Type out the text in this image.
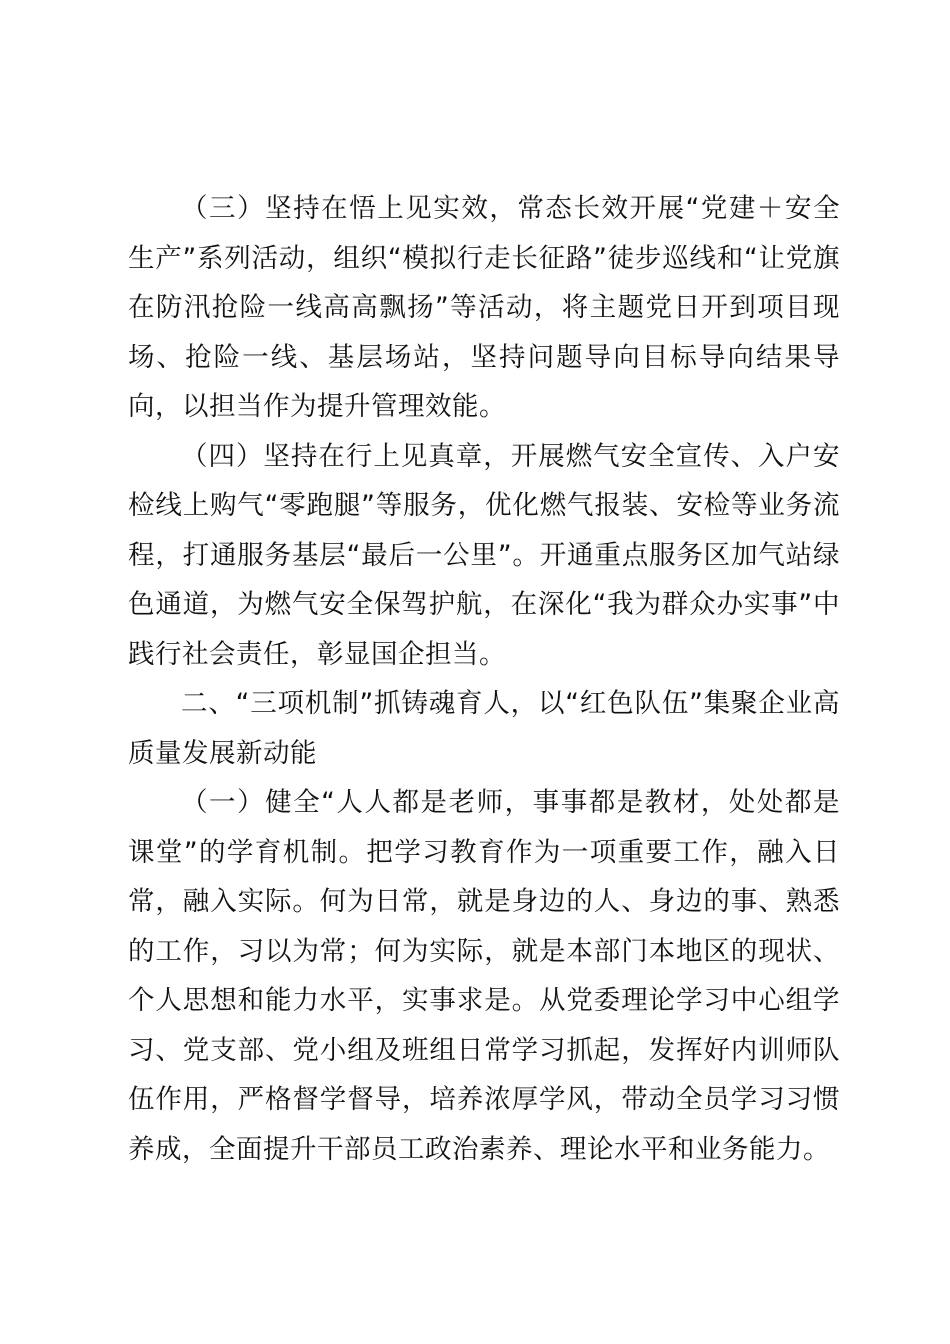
（三）坚持在悟上见实效，常态长效开展“党建＋安全生产”系列活动，组织“模拟行走长征路”徒步巡线和“让党旗在防汛抢险一线高高飘扬”等活动，将主题党日开到项目现场、抢险一线、基层场站，坚持问题导向目标导向结果导向，以担当作为提升管理效能。

（四）坚持在行上见真章，开展燃气安全宣传、入户安检线上购气“零跑腿”等服务，优化燃气报装、安检等业务流程，打通服务基层“最后一公里”。开通重点服务区加气站绿色通道，为燃气安全保驾护航，在深化“我为群众办实事”中践行社会责任，彰显国企担当。

二、“三项机制”抓铸魂育人，以“红色队伍”集聚企业高质量发展新动能

（一）健全“人人都是老师，事事都是教材，处处都是课堂”的学育机制。把学习教育作为一项重要工作，融入日常，融入实际。何为日常，就是身边的人、身边的事、熟悉的工作，习以为常；何为实际，就是本部门本地区的现状、个人思想和能力水平，实事求是。从党委理论学习中心组学习、党支部、党小组及班组日常学习抓起，发挥好内训师队伍作用，严格督学督导，培养浓厚学风，带动全员学习习惯养成，全面提升干部员工政治素养、理论水平和业务能力。
